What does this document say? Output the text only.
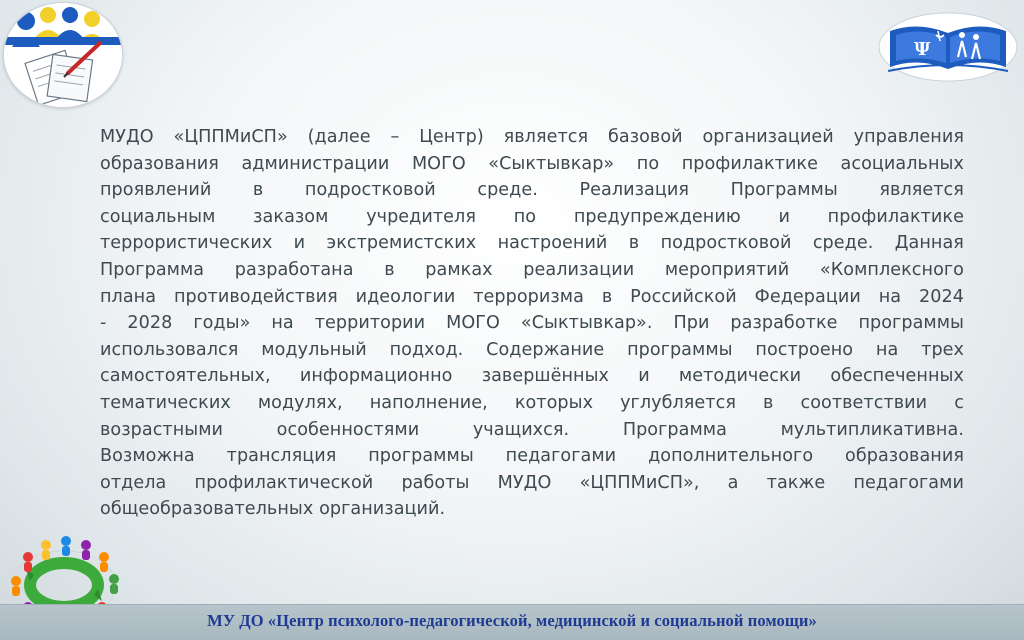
Ψ
МУДО «ЦППМиСП» (далее – Центр) является базовой организацией управления
образования администрации МОГО «Сыктывкар» по профилактике асоциальных
проявлений в подростковой среде. Реализация Программы является
социальным заказом учредителя по предупреждению и профилактике
террористических и экстремистских настроений в подростковой среде. Данная
Программа разработана в рамках реализации мероприятий «Комплексного
плана противодействия идеологии терроризма в Российской Федерации на 2024
- 2028 годы» на территории МОГО «Сыктывкар». При разработке программы
использовался модульный подход. Содержание программы построено на трех
самостоятельных, информационно завершённых и методически обеспеченных
тематических модулях, наполнение, которых углубляется в соответствии с
возрастными	особенностями	учащихся.	Программа	мультипликативна.
Возможна трансляция программы педагогами дополнительного образования
отдела профилактической работы МУДО «ЦППМиСП», а также педагогами
общеобразовательных организаций.
МУ ДО «Центр психолого-педагогической, медицинской и социальной помощи»
